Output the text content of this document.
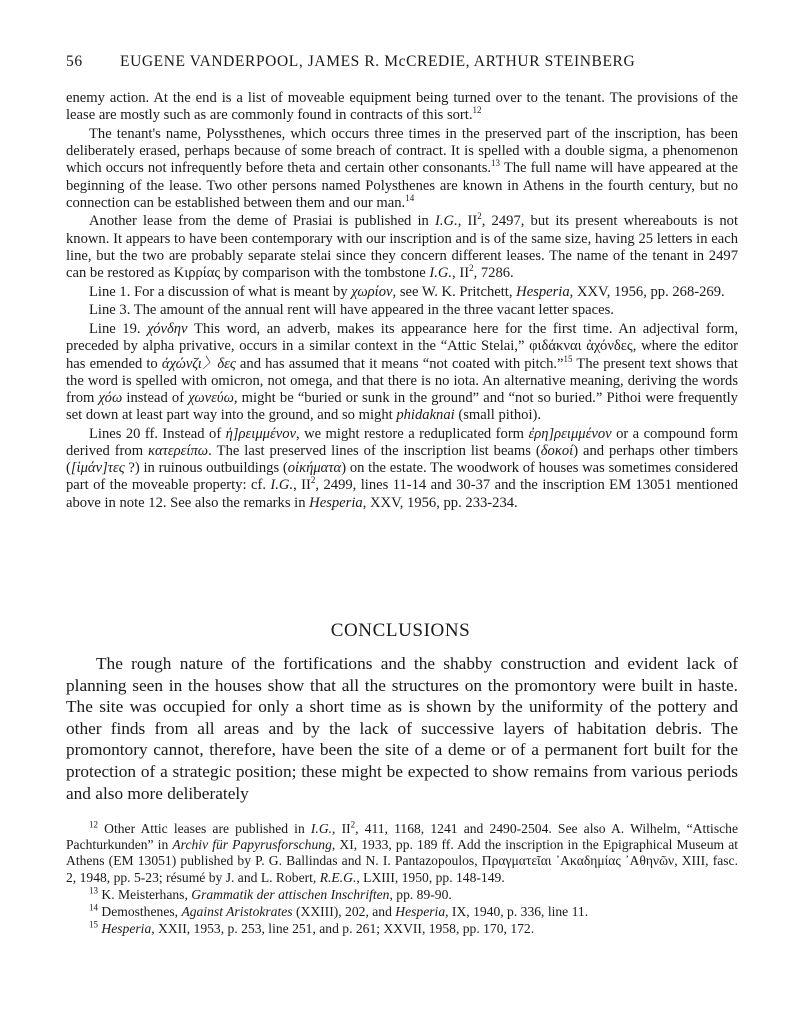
56 EUGENE VANDERPOOL, JAMES R. McCREDIE, ARTHUR STEINBERG

enemy action. At the end is a list of moveable equipment being turned over to the tenant. The provisions of the lease are mostly such as are commonly found in contracts of this sort.$^{12}$

The tenant's name, Polyssthenes, which occurs three times in the preserved part of the inscription, has been deliberately erased, perhaps because of some breach of contract. It is spelled with a double sigma, a phenomenon which occurs not infrequently before theta and certain other consonants.$^{13}$ The full name will have appeared at the beginning of the lease. Two other persons named Polysthenes are known in Athens in the fourth century, but no connection can be established between them and our man.$^{14}$

Another lease from the deme of Prasiai is published in I.G., $II^2$, 2497, but its present whereabouts is not known. It appears to have been contemporary with our inscription and is of the same size, having 25 letters in each line, but the two are probably separate stelai since they concern different leases. The name of the tenant in 2497 can be restored as Κιρρίας by comparison with the tombstone I.G., $II^2$, 7286.

Line 1. For a discussion of what is meant by χωρίον, see W. K. Pritchett, Hesperia, XXV, 1956, pp. 268-269.

Line 3. The amount of the annual rent will have appeared in the three vacant letter spaces.

Line 19. χόνδην This word, an adverb, makes its appearance here for the first time. An adjectival form, preceded by alpha privative, occurs in a similar context in the “Attic Stelai,” φιδάκναι ἀχόνδες, where the editor has emended to ἀχώνζι〉δες and has assumed that it means “not coated with pitch.”$^{15}$ The present text shows that the word is spelled with omicron, not omega, and that there is no iota. An alternative meaning, deriving the words from χόω instead of χωνεύω, might be “buried or sunk in the ground” and “not so buried.” Pithoi were frequently set down at least part way into the ground, and so might phidaknai (small pithoi).

Lines 20 ff. Instead of ἡ]ρειμμένον, we might restore a reduplicated form ἐρη]ρειμμένον or a compound form derived from κατερείπω. The last preserved lines of the inscription list beams (δοκοί) and perhaps other timbers ([ἱμάν]τες ?) in ruinous outbuildings (οἰκήματα) on the estate. The woodwork of houses was sometimes considered part of the moveable property: cf. I.G., $II^2$, 2499, lines 11-14 and 30-37 and the inscription EM 13051 mentioned above in note 12. See also the remarks in Hesperia, XXV, 1956, pp. 233-234.

CONCLUSIONS

The rough nature of the fortifications and the shabby construction and evident lack of planning seen in the houses show that all the structures on the promontory were built in haste. The site was occupied for only a short time as is shown by the uniformity of the pottery and other finds from all areas and by the lack of successive layers of habitation debris. The promontory cannot, therefore, have been the site of a deme or of a permanent fort built for the protection of a strategic position; these might be expected to show remains from various periods and also more deliberately

$^{12}$ Other Attic leases are published in I.G., $II^2$, 411, 1168, 1241 and 2490-2504. See also A. Wilhelm, “Attische Pachturkunden” in Archiv für Papyrusforschung, XI, 1933, pp. 189 ff. Add the inscription in the Epigraphical Museum at Athens (EM 13051) published by P. G. Ballindas and N. I. Pantazopoulos, Πραγματεῖαι ᾽Ακαδημίας ᾽Αθηνῶν, XIII, fasc. 2, 1948, pp. 5-23; résumé by J. and L. Robert, R.E.G., LXIII, 1950, pp. 148-149.

$^{13}$ K. Meisterhans, Grammatik der attischen Inschriften, pp. 89-90.

$^{14}$ Demosthenes, Against Aristokrates (XXIII), 202, and Hesperia, IX, 1940, p. 336, line 11.

$^{15}$ Hesperia, XXII, 1953, p. 253, line 251, and p. 261; XXVII, 1958, pp. 170, 172.
